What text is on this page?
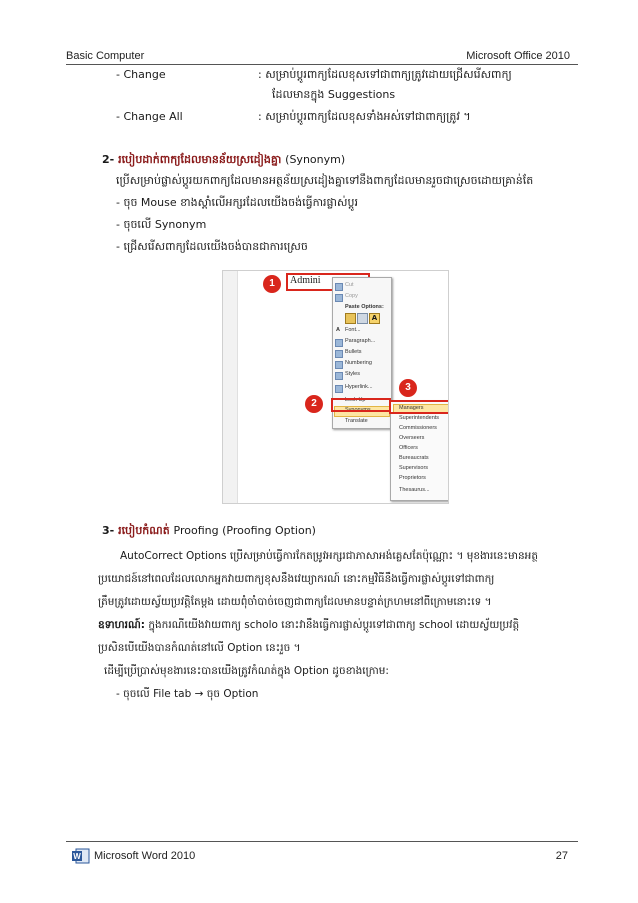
Basic Computer	Microsoft Office 2010
- Change	: សម្រាប់ប្ដូរពាក្យដែលខុសទៅជាពាក្យត្រូវដោយជ្រើសរើសពាក្យ
ដែលមានក្នុង Suggestions
- Change All	: សម្រាប់ប្ដូរពាក្យដែលខុសទាំងអស់ទៅជាពាក្យត្រូវ ។
2- របៀបដាក់ពាក្យដែលមានន័យស្រដៀងគ្នា (Synonym)
ប្រើសម្រាប់ផ្លាស់ប្ដូរយកពាក្យដែលមានអត្ថន័យស្រដៀងគ្នាទៅនឹងពាក្យដែលមានរួចជាស្រេចដោយគ្រាន់តែ
- ចុច Mouse ខាងស្ដាំលើអក្សរដែលយើងចង់ធ្វើការផ្លាស់ប្ដូរ
- ចុចលើ Synonym
- ជ្រើសរើសពាក្យដែលយើងចង់បានជាការស្រេច
Admini	Cut
Copy
Paste Options:
A
A Font...
Paragraph...
Bullets
Numbering
Styles
Hyperlink...
Look Up
Synonyms
Translate
Managers
Superintendents
Commissioners
Overseers
Officers
Bureaucrats
Supervisors
Proprietors
Thesaurus...
1
2
3
3- របៀបកំណត់ Proofing (Proofing Option)
AutoCorrect Options ប្រើសម្រាប់ធ្វើការកែតម្រូវអក្សរជាភាសាអង់គ្លេសតែប៉ុណ្ណោះ ។ មុខងារនេះមានអត្ថ
ប្រយោជន៍នៅពេលដែលលោកអ្នកវាយពាក្យខុសនឹងវេយ្យាករណ៍ នោះកម្មវិធីនឹងធ្វើការផ្លាស់ប្ដូរទៅជាពាក្យ
ត្រឹមត្រូវដោយស្វ័យប្រវត្តិតែម្ដង ដោយពុំចាំបាច់ចេញជាពាក្យដែលមានបន្ទាត់ក្រហមនៅពីក្រោមនោះទេ ។
ឧទាហរណ៍: ក្នុងករណីយើងវាយពាក្យ scholo នោះវានឹងធ្វើការផ្លាស់ប្ដូរទៅជាពាក្យ school ដោយស្វ័យប្រវត្តិ
ប្រសិនបើយើងបានកំណត់នៅលើ Option នេះរួច ។
ដើម្បីប្រើប្រាស់មុខងារនេះបានយើងត្រូវកំណត់ក្នុង Option ដូចខាងក្រោម:
- ចុចលើ File tab → ចុច Option
W Microsoft Word 2010	27
